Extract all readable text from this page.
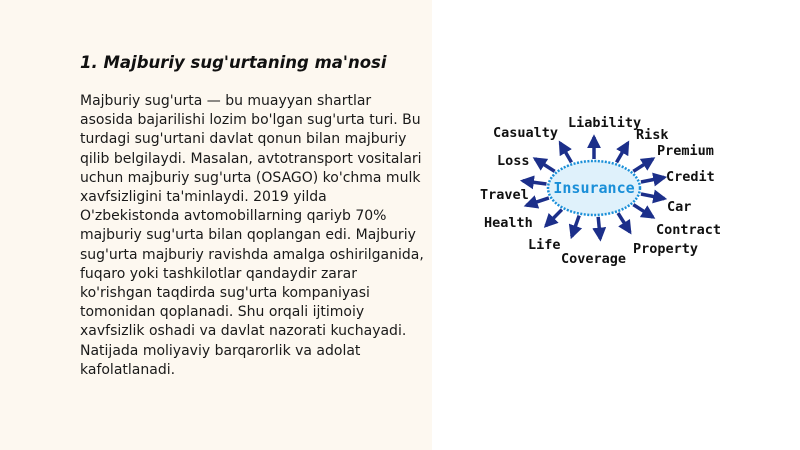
1. Majburiy sug'urtaning ma'nosi

Majburiy sug'urta — bu muayyan shartlar asosida bajarilishi lozim bo'lgan sug'urta turi. Bu turdagi sug'urtani davlat qonun bilan majburiy qilib belgilaydi. Masalan, avtotransport vositalari uchun majburiy sug'urta (OSAGO) ko'chma mulk xavfsizligini ta'minlaydi. 2019 yilda O'zbekistonda avtomobillarning qariyb 70% majburiy sug'urta bilan qoplangan edi. Majburiy sug'urta majburiy ravishda amalga oshirilganida, fuqaro yoki tashkilotlar qandaydir zarar ko'rishgan taqdirda sug'urta kompaniyasi tomonidan qoplanadi. Shu orqali ijtimoiy xavfsizlik oshadi va davlat nazorati kuchayadi. Natijada moliyaviy barqarorlik va adolat kafolatlanadi.

Insurance
Liability
Risk
Premium
Credit
Car
Contract
Property
Coverage
Life
Health
Travel
Loss
Casualty
